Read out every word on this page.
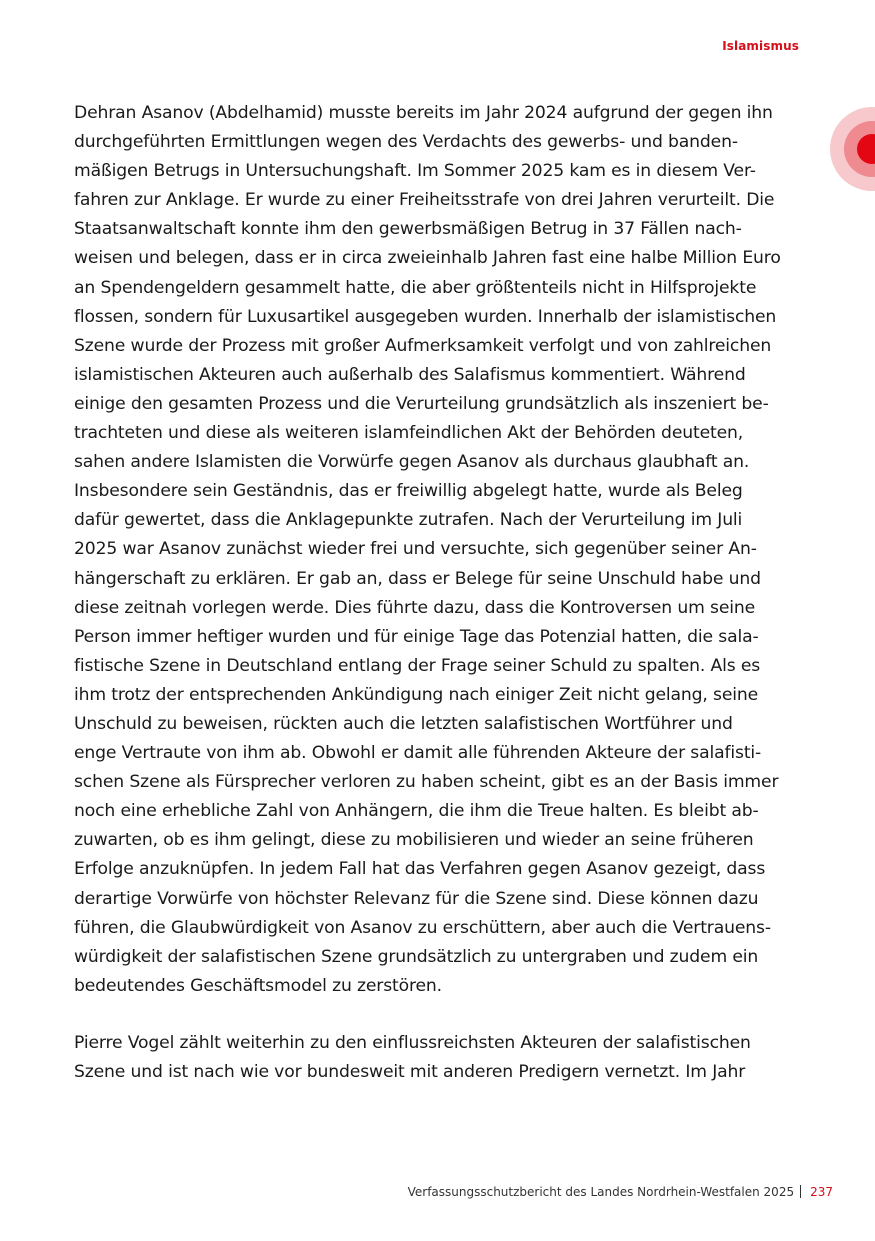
Islamismus
Dehran Asanov (Abdelhamid) musste bereits im Jahr 2024 aufgrund der gegen ihn
durchgeführten Ermittlungen wegen des Verdachts des gewerbs- und banden-
mäßigen Betrugs in Untersuchungshaft. Im Sommer 2025 kam es in diesem Ver-
fahren zur Anklage. Er wurde zu einer Freiheitsstrafe von drei Jahren verurteilt. Die
Staatsanwaltschaft konnte ihm den gewerbsmäßigen Betrug in 37 Fällen nach-
weisen und belegen, dass er in circa zweieinhalb Jahren fast eine halbe Million Euro
an Spendengeldern gesammelt hatte, die aber größtenteils nicht in Hilfsprojekte
flossen, sondern für Luxusartikel ausgegeben wurden. Innerhalb der islamistischen
Szene wurde der Prozess mit großer Aufmerksamkeit verfolgt und von zahlreichen
islamistischen Akteuren auch außerhalb des Salafismus kommentiert. Während
einige den gesamten Prozess und die Verurteilung grundsätzlich als inszeniert be-
trachteten und diese als weiteren islamfeindlichen Akt der Behörden deuteten,
sahen andere Islamisten die Vorwürfe gegen Asanov als durchaus glaubhaft an.
Insbesondere sein Geständnis, das er freiwillig abgelegt hatte, wurde als Beleg
dafür gewertet, dass die Anklagepunkte zutrafen. Nach der Verurteilung im Juli
2025 war Asanov zunächst wieder frei und versuchte, sich gegenüber seiner An-
hängerschaft zu erklären. Er gab an, dass er Belege für seine Unschuld habe und
diese zeitnah vorlegen werde. Dies führte dazu, dass die Kontroversen um seine
Person immer heftiger wurden und für einige Tage das Potenzial hatten, die sala-
fistische Szene in Deutschland entlang der Frage seiner Schuld zu spalten. Als es
ihm trotz der entsprechenden Ankündigung nach einiger Zeit nicht gelang, seine
Unschuld zu beweisen, rückten auch die letzten salafistischen Wortführer und
enge Vertraute von ihm ab. Obwohl er damit alle führenden Akteure der salafisti-
schen Szene als Fürsprecher verloren zu haben scheint, gibt es an der Basis immer
noch eine erhebliche Zahl von Anhängern, die ihm die Treue halten. Es bleibt ab-
zuwarten, ob es ihm gelingt, diese zu mobilisieren und wieder an seine früheren
Erfolge anzuknüpfen. In jedem Fall hat das Verfahren gegen Asanov gezeigt, dass
derartige Vorwürfe von höchster Relevanz für die Szene sind. Diese können dazu
führen, die Glaubwürdigkeit von Asanov zu erschüttern, aber auch die Vertrauens-
würdigkeit der salafistischen Szene grundsätzlich zu untergraben und zudem ein
bedeutendes Geschäftsmodel zu zerstören.
Pierre Vogel zählt weiterhin zu den einflussreichsten Akteuren der salafistischen
Szene und ist nach wie vor bundesweit mit anderen Predigern vernetzt. Im Jahr
Verfassungsschutzbericht des Landes Nordrhein-Westfalen 2025 237
